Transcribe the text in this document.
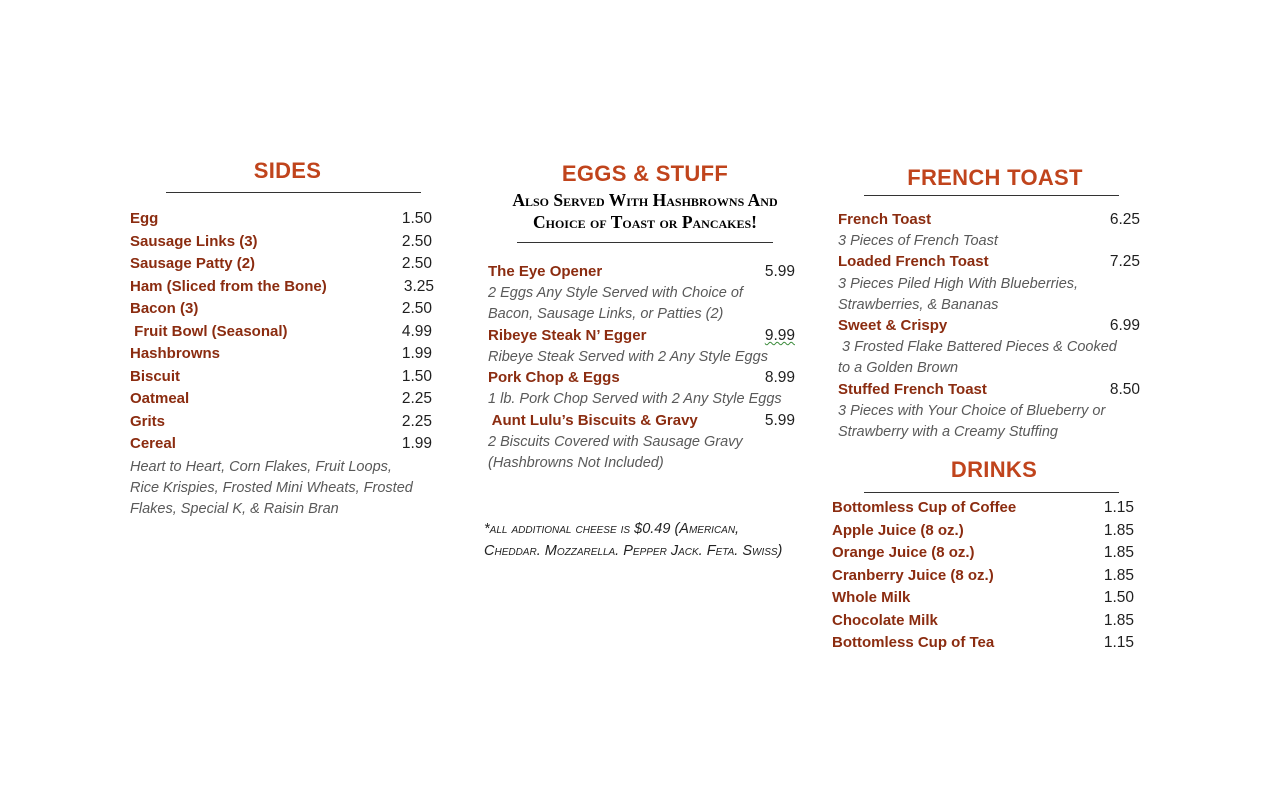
SIDES
Egg	1.50
Sausage Links (3)	2.50
Sausage Patty (2)	2.50
Ham (Sliced from the Bone)	3.25
Bacon (3)	2.50
Fruit Bowl (Seasonal)	4.99
Hashbrowns	1.99
Biscuit	1.50
Oatmeal	2.25
Grits	2.25
Cereal	1.99
Heart to Heart, Corn Flakes, Fruit Loops,
Rice Krispies, Frosted Mini Wheats, Frosted
Flakes, Special K, & Raisin Bran
EGGS & STUFF
Also Served With Hashbrowns And
Choice of Toast or Pancakes!
The Eye Opener	5.99
2 Eggs Any Style Served with Choice of
Bacon, Sausage Links, or Patties (2)
Ribeye Steak N’ Egger	9.99
Ribeye Steak Served with 2 Any Style Eggs
Pork Chop & Eggs	8.99
1 lb. Pork Chop Served with 2 Any Style Eggs
Aunt Lulu’s Biscuits & Gravy	5.99
2 Biscuits Covered with Sausage Gravy
(Hashbrowns Not Included)
*all additional cheese is $0.49 (American,
Cheddar. Mozzarella. Pepper Jack. Feta. Swiss)
FRENCH TOAST
French Toast	6.25
3 Pieces of French Toast
Loaded French Toast	7.25
3 Pieces Piled High With Blueberries,
Strawberries, & Bananas
Sweet & Crispy	6.99
3 Frosted Flake Battered Pieces & Cooked
to a Golden Brown
Stuffed French Toast	8.50
3 Pieces with Your Choice of Blueberry or
Strawberry with a Creamy Stuffing
DRINKS
Bottomless Cup of Coffee	1.15
Apple Juice (8 oz.)	1.85
Orange Juice (8 oz.)	1.85
Cranberry Juice (8 oz.)	1.85
Whole Milk	1.50
Chocolate Milk	1.85
Bottomless Cup of Tea	1.15
